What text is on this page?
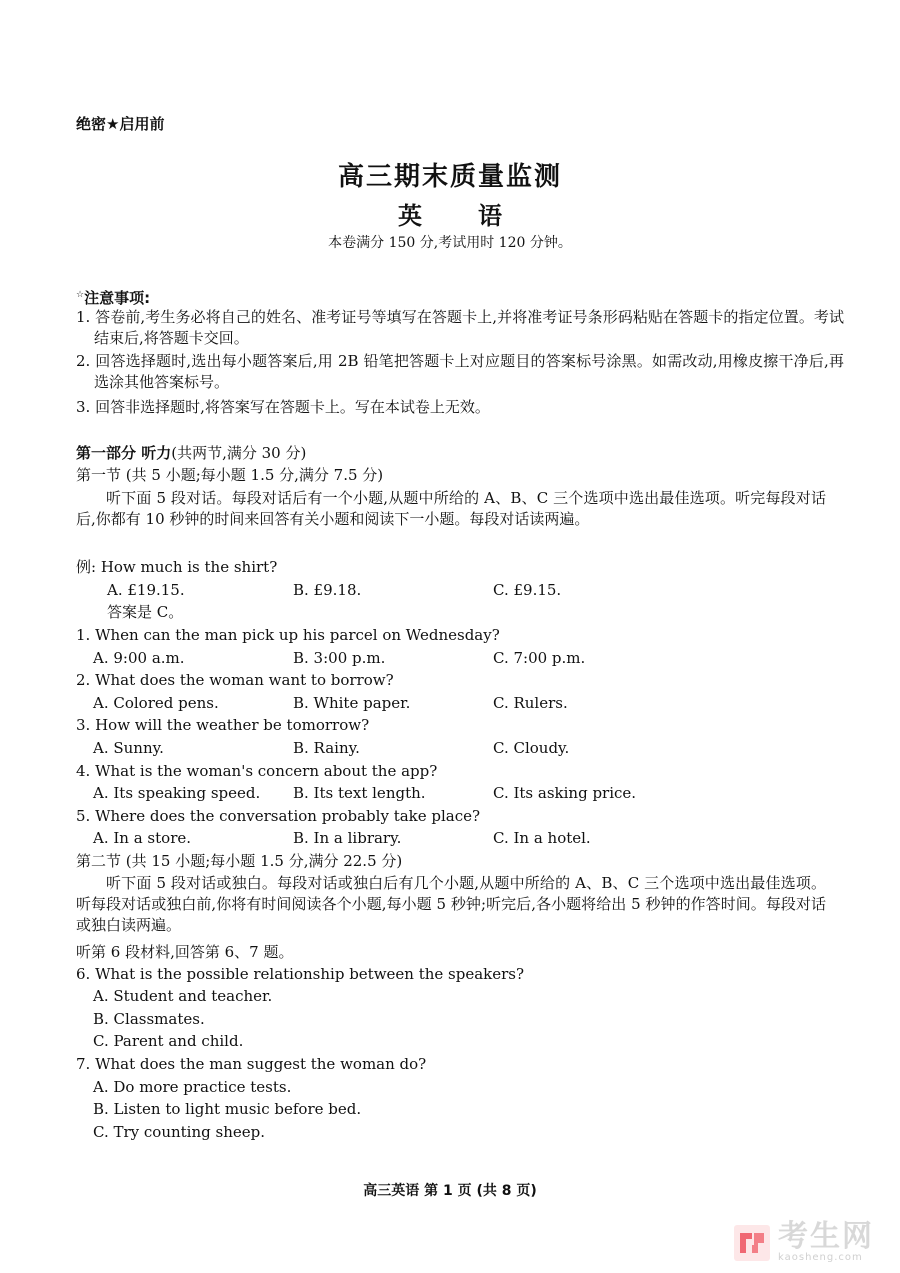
绝密★启用前
高三期末质量监测
英 语
本卷满分 150 分,考试用时 120 分钟。
☆注意事项:
1. 答卷前,考生务必将自己的姓名、准考证号等填写在答题卡上,并将准考证号条形码粘贴在答题卡的指定位置。考试结束后,将答题卡交回。
2. 回答选择题时,选出每小题答案后,用 2B 铅笔把答题卡上对应题目的答案标号涂黑。如需改动,用橡皮擦干净后,再选涂其他答案标号。
3. 回答非选择题时,将答案写在答题卡上。写在本试卷上无效。
第一部分 听力(共两节,满分 30 分)
第一节 (共 5 小题;每小题 1.5 分,满分 7.5 分)
听下面 5 段对话。每段对话后有一个小题,从题中所给的 A、B、C 三个选项中选出最佳选项。听完每段对话后,你都有 10 秒钟的时间来回答有关小题和阅读下一小题。每段对话读两遍。
例: How much is the shirt?
A. £19.15.	B. £9.18.	C. £9.15.
答案是 C。
1. When can the man pick up his parcel on Wednesday?
A. 9:00 a.m.	B. 3:00 p.m.	C. 7:00 p.m.
2. What does the woman want to borrow?
A. Colored pens.	B. White paper.	C. Rulers.
3. How will the weather be tomorrow?
A. Sunny.	B. Rainy.	C. Cloudy.
4. What is the woman's concern about the app?
A. Its speaking speed. B. Its text length.	C. Its asking price.
5. Where does the conversation probably take place?
A. In a store.	B. In a library.	C. In a hotel.
第二节 (共 15 小题;每小题 1.5 分,满分 22.5 分)
听下面 5 段对话或独白。每段对话或独白后有几个小题,从题中所给的 A、B、C 三个选项中选出最佳选项。听每段对话或独白前,你将有时间阅读各个小题,每小题 5 秒钟;听完后,各小题将给出 5 秒钟的作答时间。每段对话或独白读两遍。
听第 6 段材料,回答第 6、7 题。
6. What is the possible relationship between the speakers?
A. Student and teacher.
B. Classmates.
C. Parent and child.
7. What does the man suggest the woman do?
A. Do more practice tests.
B. Listen to light music before bed.
C. Try counting sheep.
高三英语 第 1 页 (共 8 页)
考生网
kaosheng.com
